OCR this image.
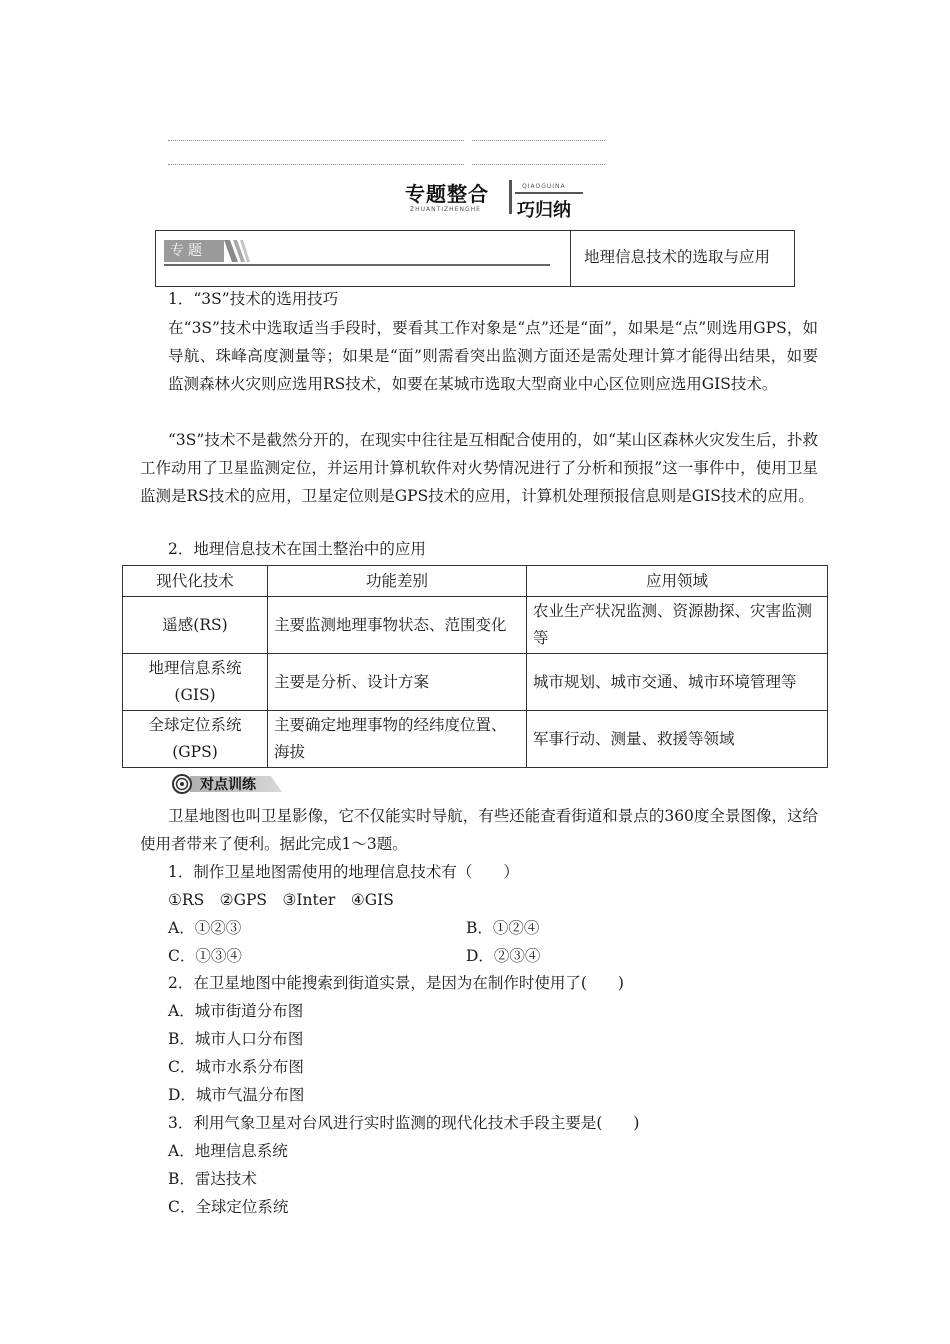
专题整合
ZHUANTIZHENGHE
QIAOGUINA
巧归纳
专题	地理信息技术的选取与应用
1．“3S”技术的选用技巧
在“3S”技术中选取适当手段时，要看其工作对象是“点”还是“面”，如果是“点”则选用GPS，如导航、珠峰高度测量等；如果是“面”则需看突出监测方面还是需处理计算才能得出结果，如要监测森林火灾则应选用RS技术，如要在某城市选取大型商业中心区位则应选用GIS技术。
“3S”技术不是截然分开的，在现实中往往是互相配合使用的，如“某山区森林火灾发生后，扑救工作动用了卫星监测定位，并运用计算机软件对火势情况进行了分析和预报”这一事件中，使用卫星监测是RS技术的应用，卫星定位则是GPS技术的应用，计算机处理预报信息则是GIS技术的应用。
2．地理信息技术在国土整治中的应用
现代化技术	功能差别	应用领域
遥感(RS)	主要监测地理事物状态、范围变化	农业生产状况监测、资源勘探、灾害监测等
地理信息系统(GIS)	主要是分析、设计方案	城市规划、城市交通、城市环境管理等
全球定位系统(GPS)	主要确定地理事物的经纬度位置、海拔	军事行动、测量、救援等领域
对点训练
卫星地图也叫卫星影像，它不仅能实时导航，有些还能查看街道和景点的360度全景图像，这给使用者带来了便利。据此完成1～3题。
1．制作卫星地图需使用的地理信息技术有（　　）
①RS　②GPS　③Inter　④GIS
A．①②③	B．①②④
C．①③④	D．②③④
2．在卫星地图中能搜索到街道实景，是因为在制作时使用了(　　)
A．城市街道分布图
B．城市人口分布图
C．城市水系分布图
D．城市气温分布图
3．利用气象卫星对台风进行实时监测的现代化技术手段主要是(　　)
A．地理信息系统
B．雷达技术
C．全球定位系统
